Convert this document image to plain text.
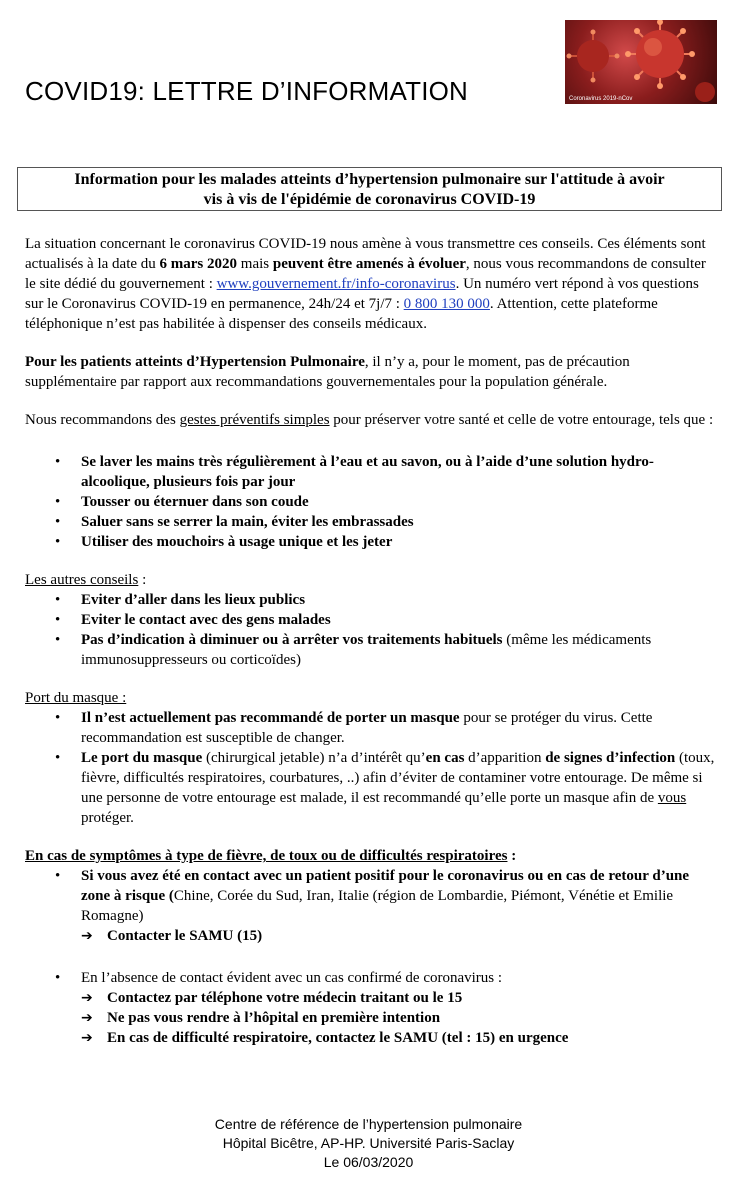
COVID19: LETTRE D’INFORMATION	Coronavirus 2019-nCov
Information pour les malades atteints d’hypertension pulmonaire sur l'attitude à avoir
vis à vis de l'épidémie de coronavirus COVID-19

La situation concernant le coronavirus COVID-19 nous amène à vous transmettre ces conseils. Ces éléments sont actualisés à la date du 6 mars 2020 mais peuvent être amenés à évoluer, nous vous recommandons de consulter le site dédié du gouvernement : www.gouvernement.fr/info-coronavirus. Un numéro vert répond à vos questions sur le Coronavirus COVID-19 en permanence, 24h/24 et 7j/7 : 0 800 130 000. Attention, cette plateforme téléphonique n’est pas habilitée à dispenser des conseils médicaux.

Pour les patients atteints d’Hypertension Pulmonaire, il n’y a, pour le moment, pas de précaution supplémentaire par rapport aux recommandations gouvernementales pour la population générale.

Nous recommandons des gestes préventifs simples pour préserver votre santé et celle de votre entourage, tels que :

• Se laver les mains très régulièrement à l’eau et au savon, ou à l’aide d’une solution hydro-alcoolique, plusieurs fois par jour
• Tousser ou éternuer dans son coude
• Saluer sans se serrer la main, éviter les embrassades
• Utiliser des mouchoirs à usage unique et les jeter

Les autres conseils :

• Eviter d’aller dans les lieux publics
• Eviter le contact avec des gens malades
• Pas d’indication à diminuer ou à arrêter vos traitements habituels (même les médicaments immunosuppresseurs ou corticoïdes)

Port du masque :

• Il n’est actuellement pas recommandé de porter un masque pour se protéger du virus. Cette recommandation est susceptible de changer.
• Le port du masque (chirurgical jetable) n’a d’intérêt qu’en cas d’apparition de signes d’infection (toux, fièvre, difficultés respiratoires, courbatures, ..) afin d’éviter de contaminer votre entourage. De même si une personne de votre entourage est malade, il est recommandé qu’elle porte un masque afin de vous protéger.

En cas de symptômes à type de fièvre, de toux ou de difficultés respiratoires :

• Si vous avez été en contact avec un patient positif pour le coronavirus ou en cas de retour d’une zone à risque (Chine, Corée du Sud, Iran, Italie (région de Lombardie, Piémont, Vénétie et Emilie Romagne)
➔ Contacter le SAMU (15)
• En l’absence de contact évident avec un cas confirmé de coronavirus :
➔ Contactez par téléphone votre médecin traitant ou le 15
➔ Ne pas vous rendre à l’hôpital en première intention
➔ En cas de difficulté respiratoire, contactez le SAMU (tel : 15) en urgence
Centre de référence de l’hypertension pulmonaire
Hôpital Bicêtre, AP-HP. Université Paris-Saclay
Le 06/03/2020
